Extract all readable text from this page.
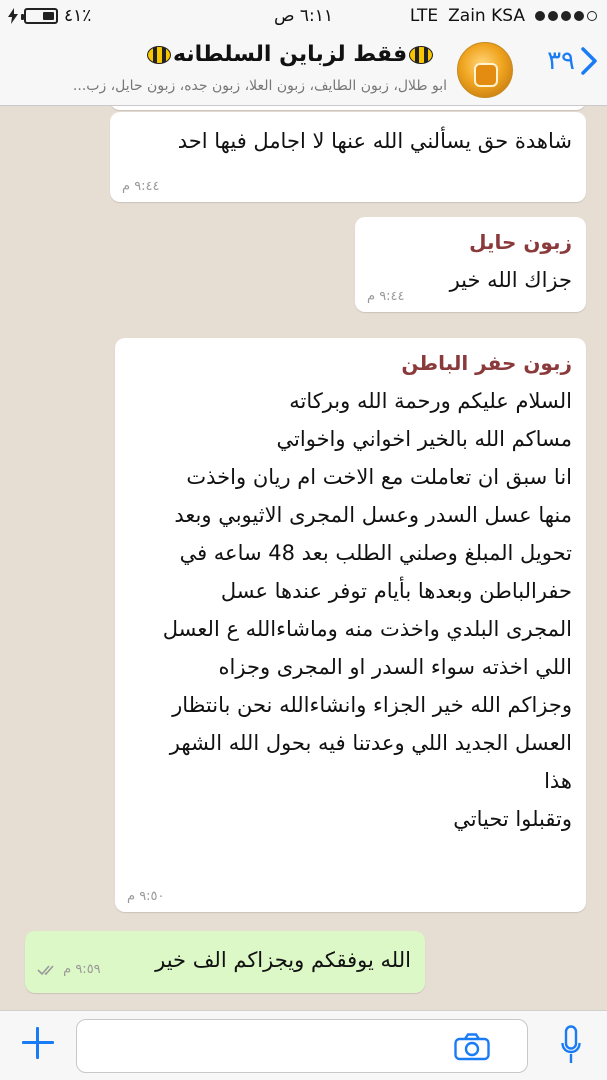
٤١٪	٦:١١ ص	LTE Zain KSA
٣٩
فقط لزباين السلطانه
ابو طلال، زبون الطايف، زبون العلا، زبون جده، زبون حايل، زب...
شاهدة حق يسألني الله عنها لا اجامل فيها احد
٩:٤٤ م
زبون حايل
جزاك الله خير
٩:٤٤ م
زبون حفر الباطن
السلام عليكم ورحمة الله وبركاته
مساكم الله بالخير اخواني واخواتي
انا سبق ان تعاملت مع الاخت ام ريان واخذت
منها عسل السدر وعسل المجرى الاثيوبي وبعد
تحويل المبلغ وصلني الطلب بعد 48 ساعه في
حفرالباطن وبعدها بأيام توفر عندها عسل
المجرى البلدي واخذت منه وماشاءالله ع العسل
اللي اخذته سواء السدر او المجرى وجزاه
وجزاكم الله خير الجزاء وانشاءالله نحن بانتظار
العسل الجديد اللي وعدتنا فيه بحول الله الشهر
هذا
وتقبلوا تحياتي
٩:٥٠ م
الله يوفقكم ويجزاكم الف خير
٩:٥٩ م
